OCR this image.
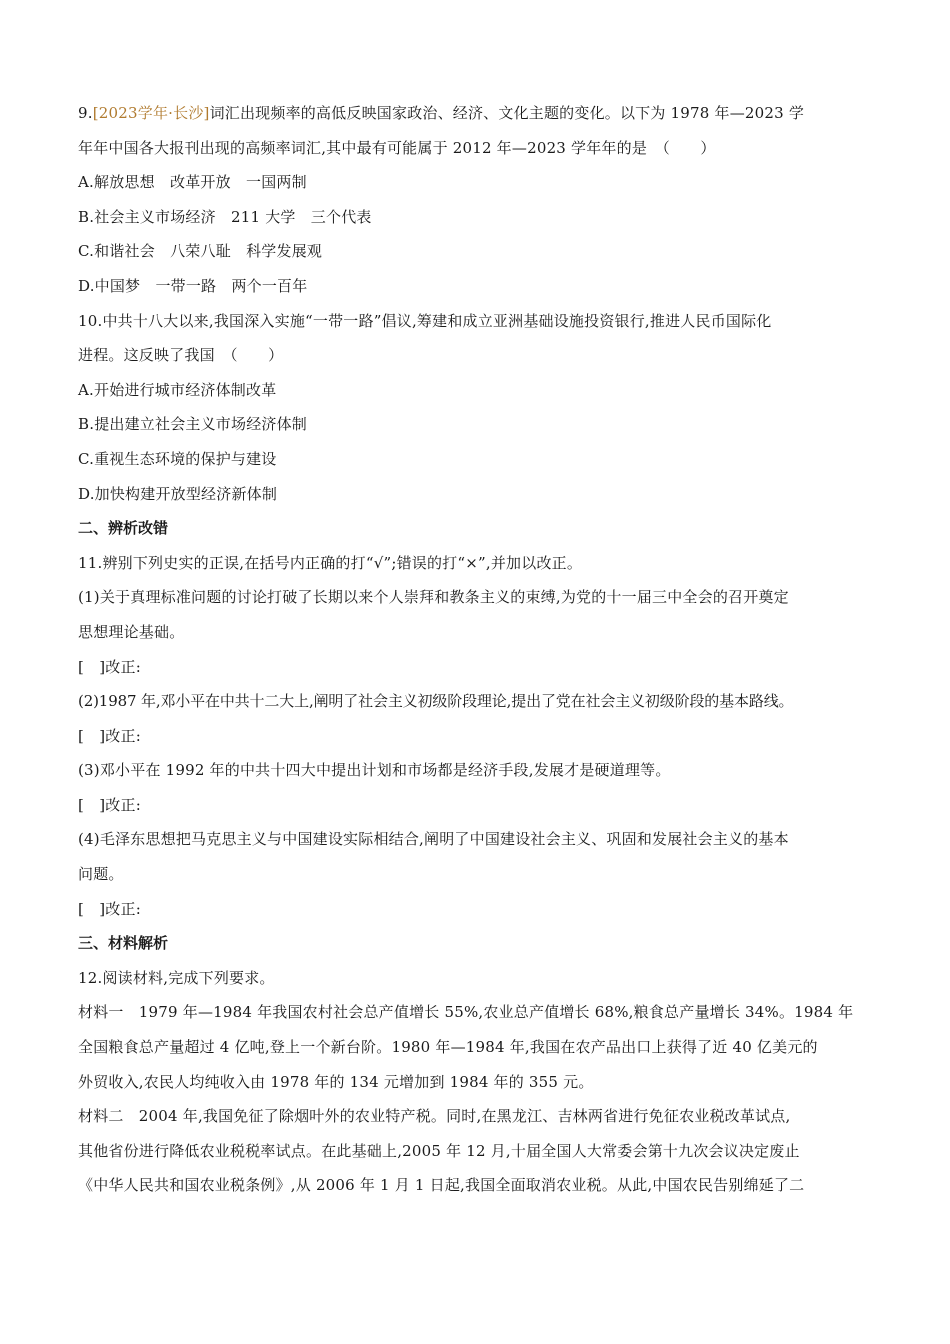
9.[2023学年·长沙]词汇出现频率的高低反映国家政治、经济、文化主题的变化。以下为 1978 年—2023 学
年年中国各大报刊出现的高频率词汇,其中最有可能属于 2012 年—2023 学年年的是　（　　）
A.解放思想　改革开放　一国两制
B.社会主义市场经济　211 大学　三个代表
C.和谐社会　八荣八耻　科学发展观
D.中国梦　一带一路　两个一百年
10.中共十八大以来,我国深入实施“一带一路”倡议,筹建和成立亚洲基础设施投资银行,推进人民币国际化
进程。这反映了我国　（　　）
A.开始进行城市经济体制改革
B.提出建立社会主义市场经济体制
C.重视生态环境的保护与建设
D.加快构建开放型经济新体制
二、辨析改错
11.辨别下列史实的正误,在括号内正确的打“√”;错误的打“×”,并加以改正。
(1)关于真理标准问题的讨论打破了长期以来个人崇拜和教条主义的束缚,为党的十一届三中全会的召开奠定
思想理论基础。
[　]改正:
(2)1987 年,邓小平在中共十二大上,阐明了社会主义初级阶段理论,提出了党在社会主义初级阶段的基本路线。
[　]改正:
(3)邓小平在 1992 年的中共十四大中提出计划和市场都是经济手段,发展才是硬道理等。
[　]改正:
(4)毛泽东思想把马克思主义与中国建设实际相结合,阐明了中国建设社会主义、巩固和发展社会主义的基本
问题。
[　]改正:
三、材料解析
12.阅读材料,完成下列要求。
材料一　1979 年—1984 年我国农村社会总产值增长 55%,农业总产值增长 68%,粮食总产量增长 34%。1984 年
全国粮食总产量超过 4 亿吨,登上一个新台阶。1980 年—1984 年,我国在农产品出口上获得了近 40 亿美元的
外贸收入,农民人均纯收入由 1978 年的 134 元增加到 1984 年的 355 元。
材料二　2004 年,我国免征了除烟叶外的农业特产税。同时,在黑龙江、吉林两省进行免征农业税改革试点,
其他省份进行降低农业税税率试点。在此基础上,2005 年 12 月,十届全国人大常委会第十九次会议决定废止
《中华人民共和国农业税条例》,从 2006 年 1 月 1 日起,我国全面取消农业税。从此,中国农民告别绵延了二
